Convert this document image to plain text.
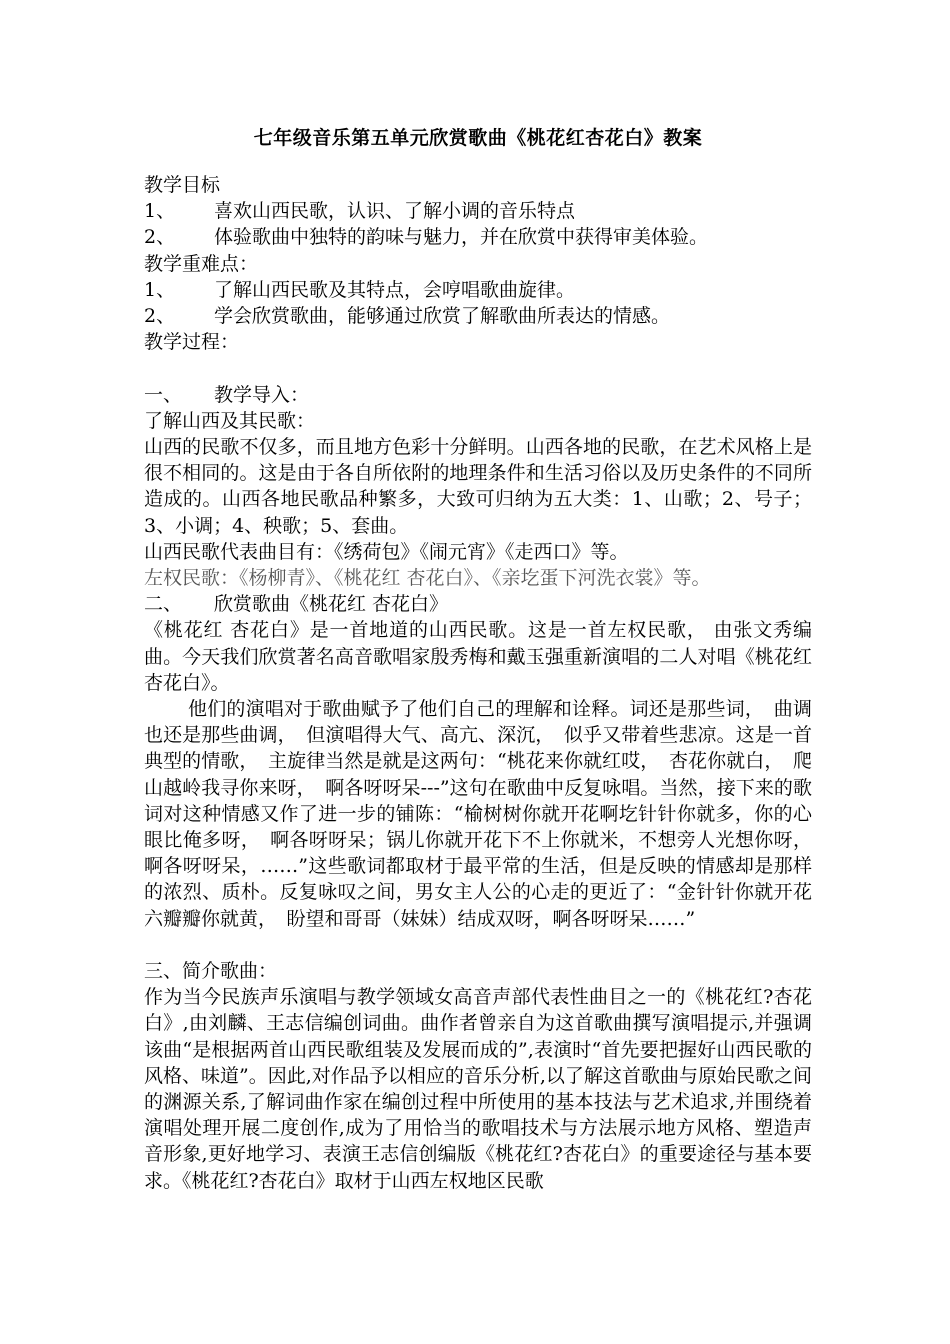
七年级音乐第五单元欣赏歌曲《桃花红杏花白》教案
教学目标
1、 喜欢山西民歌，认识、了解小调的音乐特点
2、 体验歌曲中独特的韵味与魅力，并在欣赏中获得审美体验。
教学重难点：
1、 了解山西民歌及其特点，会哼唱歌曲旋律。
2、 学会欣赏歌曲，能够通过欣赏了解歌曲所表达的情感。
教学过程：
一、 教学导入：
了解山西及其民歌：
山西的民歌不仅多，而且地方色彩十分鲜明。山西各地的民歌，在艺术风格上是很不相同的。这是由于各自所依附的地理条件和生活习俗以及历史条件的不同所造成的。山西各地民歌品种繁多，大致可归纳为五大类：1、山歌；2、号子；3、小调；4、秧歌；5、套曲。
山西民歌代表曲目有：《绣荷包》《闹元宵》《走西口》等。
左权民歌：《杨柳青》、《桃花红 杏花白》、《亲圪蛋下河洗衣裳》等。
二、 欣赏歌曲《桃花红 杏花白》
《桃花红 杏花白》是一首地道的山西民歌。这是一首左权民歌， 由张文秀编曲。今天我们欣赏著名高音歌唱家殷秀梅和戴玉强重新演唱的二人对唱《桃花红　杏花白》。
他们的演唱对于歌曲赋予了他们自己的理解和诠释。词还是那些词，　曲调也还是那些曲调，　但演唱得大气、高亢、深沉，　似乎又带着些悲凉。这是一首典型的情歌，　主旋律当然是就是这两句：“桃花来你就红哎，　杏花你就白，　爬山越岭我寻你来呀，　啊各呀呀呆---”这句在歌曲中反复咏唱。当然，接下来的歌词对这种情感又作了进一步的铺陈：“榆树树你就开花啊圪针针你就多，你的心眼比俺多呀，　啊各呀呀呆；锅儿你就开花下不上你就米，不想旁人光想你呀，啊各呀呀呆，……”这些歌词都取材于最平常的生活，但是反映的情感却是那样的浓烈、质朴。反复咏叹之间，男女主人公的心走的更近了：“金针针你就开花六瓣瓣你就黄，　盼望和哥哥（妹妹）结成双呀，啊各呀呀呆……”
三、简介歌曲：
作为当今民族声乐演唱与教学领域女高音声部代表性曲目之一的《桃花红?杏花白》,由刘麟、王志信编创词曲。曲作者曾亲自为这首歌曲撰写演唱提示,并强调该曲“是根据两首山西民歌组装及发展而成的”,表演时“首先要把握好山西民歌的风格、味道”。因此,对作品予以相应的音乐分析,以了解这首歌曲与原始民歌之间的渊源关系,了解词曲作家在编创过程中所使用的基本技法与艺术追求,并围绕着演唱处理开展二度创作,成为了用恰当的歌唱技术与方法展示地方风格、塑造声音形象,更好地学习、表演王志信创编版《桃花红?杏花白》的重要途径与基本要求。《桃花红?杏花白》取材于山西左权地区民歌
